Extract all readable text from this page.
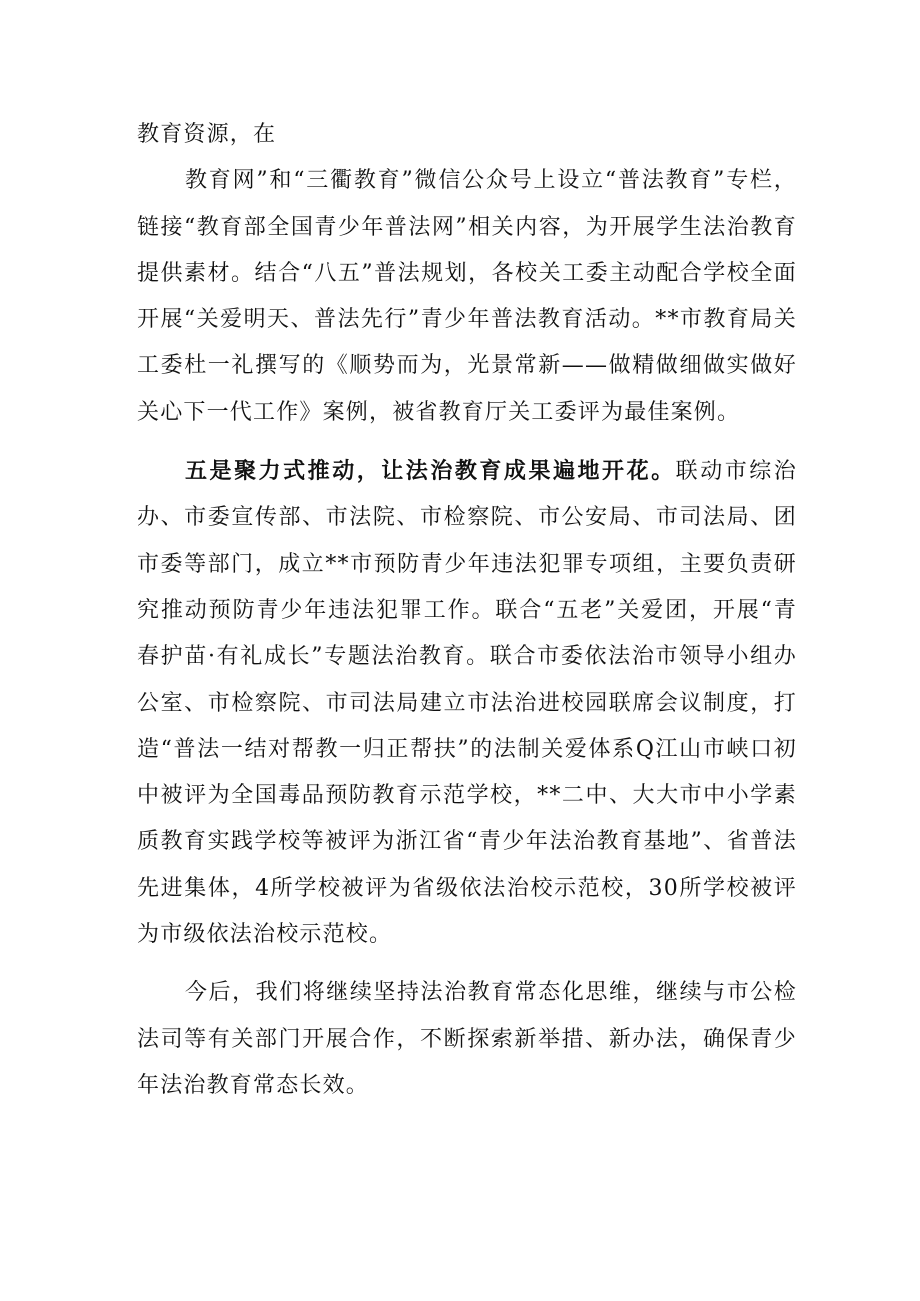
教育资源，在

教育网”和“三衢教育”微信公众号上设立“普法教育”专栏，链接“教育部全国青少年普法网”相关内容，为开展学生法治教育提供素材。结合“八五”普法规划，各校关工委主动配合学校全面开展“关爱明天、普法先行”青少年普法教育活动。**市教育局关工委杜一礼撰写的《顺势而为，光景常新——做精做细做实做好关心下一代工作》案例，被省教育厅关工委评为最佳案例。

五是聚力式推动，让法治教育成果遍地开花。联动市综治办、市委宣传部、市法院、市检察院、市公安局、市司法局、团市委等部门，成立**市预防青少年违法犯罪专项组，主要负责研究推动预防青少年违法犯罪工作。联合“五老”关爱团，开展“青春护苗·有礼成长”专题法治教育。联合市委依法治市领导小组办公室、市检察院、市司法局建立市法治进校园联席会议制度，打造“普法一结对帮教一归正帮扶”的法制关爱体系Q江山市峡口初中被评为全国毒品预防教育示范学校，**二中、大大市中小学素质教育实践学校等被评为浙江省“青少年法治教育基地”、省普法先进集体，4所学校被评为省级依法治校示范校，30所学校被评为市级依法治校示范校。

今后，我们将继续坚持法治教育常态化思维，继续与市公检法司等有关部门开展合作，不断探索新举措、新办法，确保青少年法治教育常态长效。
